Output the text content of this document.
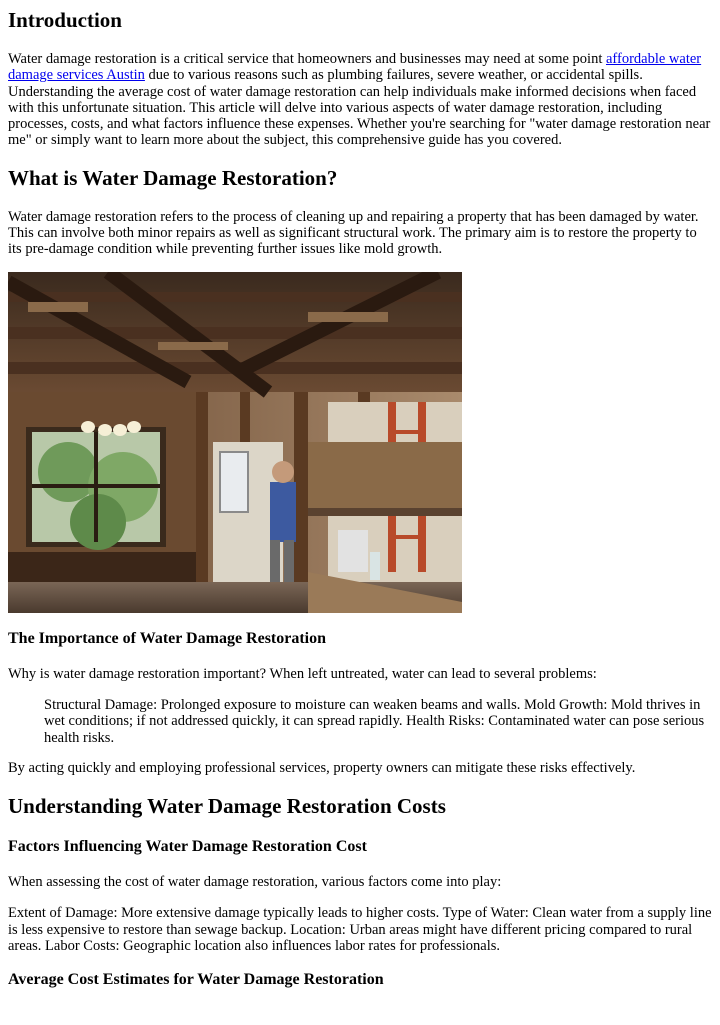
Introduction

Water damage restoration is a critical service that homeowners and businesses may need at some point affordable water damage services Austin due to various reasons such as plumbing failures, severe weather, or accidental spills. Understanding the average cost of water damage restoration can help individuals make informed decisions when faced with this unfortunate situation. This article will delve into various aspects of water damage restoration, including processes, costs, and what factors influence these expenses. Whether you're searching for "water damage restoration near me" or simply want to learn more about the subject, this comprehensive guide has you covered.

What is Water Damage Restoration?

Water damage restoration refers to the process of cleaning up and repairing a property that has been damaged by water. This can involve both minor repairs as well as significant structural work. The primary aim is to restore the property to its pre-damage condition while preventing further issues like mold growth.

The Importance of Water Damage Restoration

Why is water damage restoration important? When left untreated, water can lead to several problems:

Structural Damage: Prolonged exposure to moisture can weaken beams and walls. Mold Growth: Mold thrives in wet conditions; if not addressed quickly, it can spread rapidly. Health Risks: Contaminated water can pose serious health risks.

By acting quickly and employing professional services, property owners can mitigate these risks effectively.

Understanding Water Damage Restoration Costs
Factors Influencing Water Damage Restoration Cost

When assessing the cost of water damage restoration, various factors come into play:

Extent of Damage: More extensive damage typically leads to higher costs. Type of Water: Clean water from a supply line is less expensive to restore than sewage backup. Location: Urban areas might have different pricing compared to rural areas. Labor Costs: Geographic location also influences labor rates for professionals.

Average Cost Estimates for Water Damage Restoration
